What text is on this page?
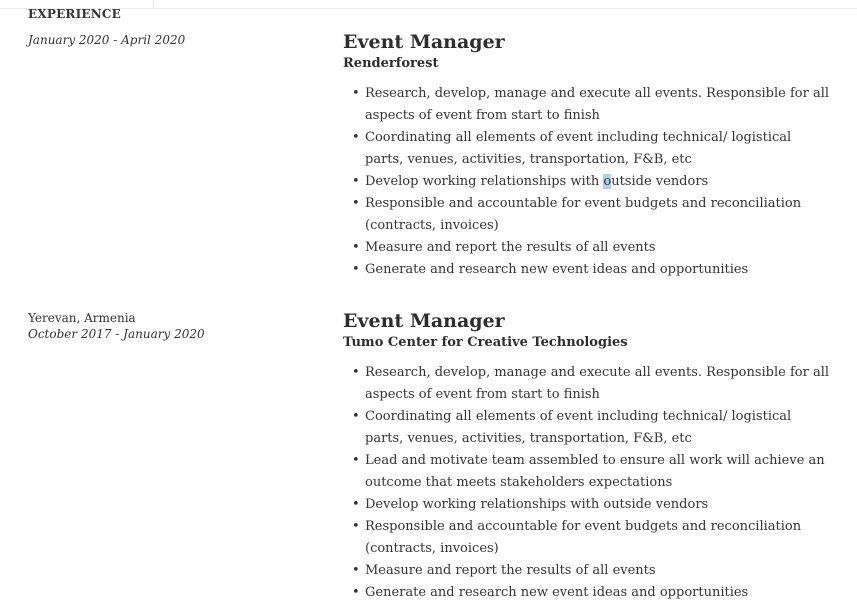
EXPERIENCE
January 2020 - April 2020	Event Manager
Renderforest
• Research, develop, manage and execute all events. Responsible for all aspects of event from start to finish
• Coordinating all elements of event including technical/ logistical parts, venues, activities, transportation, F&B, etc
• Develop working relationships with outside vendors
• Responsible and accountable for event budgets and reconciliation (contracts, invoices)
• Measure and report the results of all events
• Generate and research new event ideas and opportunities
Yerevan, Armenia
October 2017 - January 2020
Event Manager
Tumo Center for Creative Technologies
• Research, develop, manage and execute all events. Responsible for all aspects of event from start to finish
• Coordinating all elements of event including technical/ logistical parts, venues, activities, transportation, F&B, etc
• Lead and motivate team assembled to ensure all work will achieve an outcome that meets stakeholders expectations
• Develop working relationships with outside vendors
• Responsible and accountable for event budgets and reconciliation (contracts, invoices)
• Measure and report the results of all events
• Generate and research new event ideas and opportunities
